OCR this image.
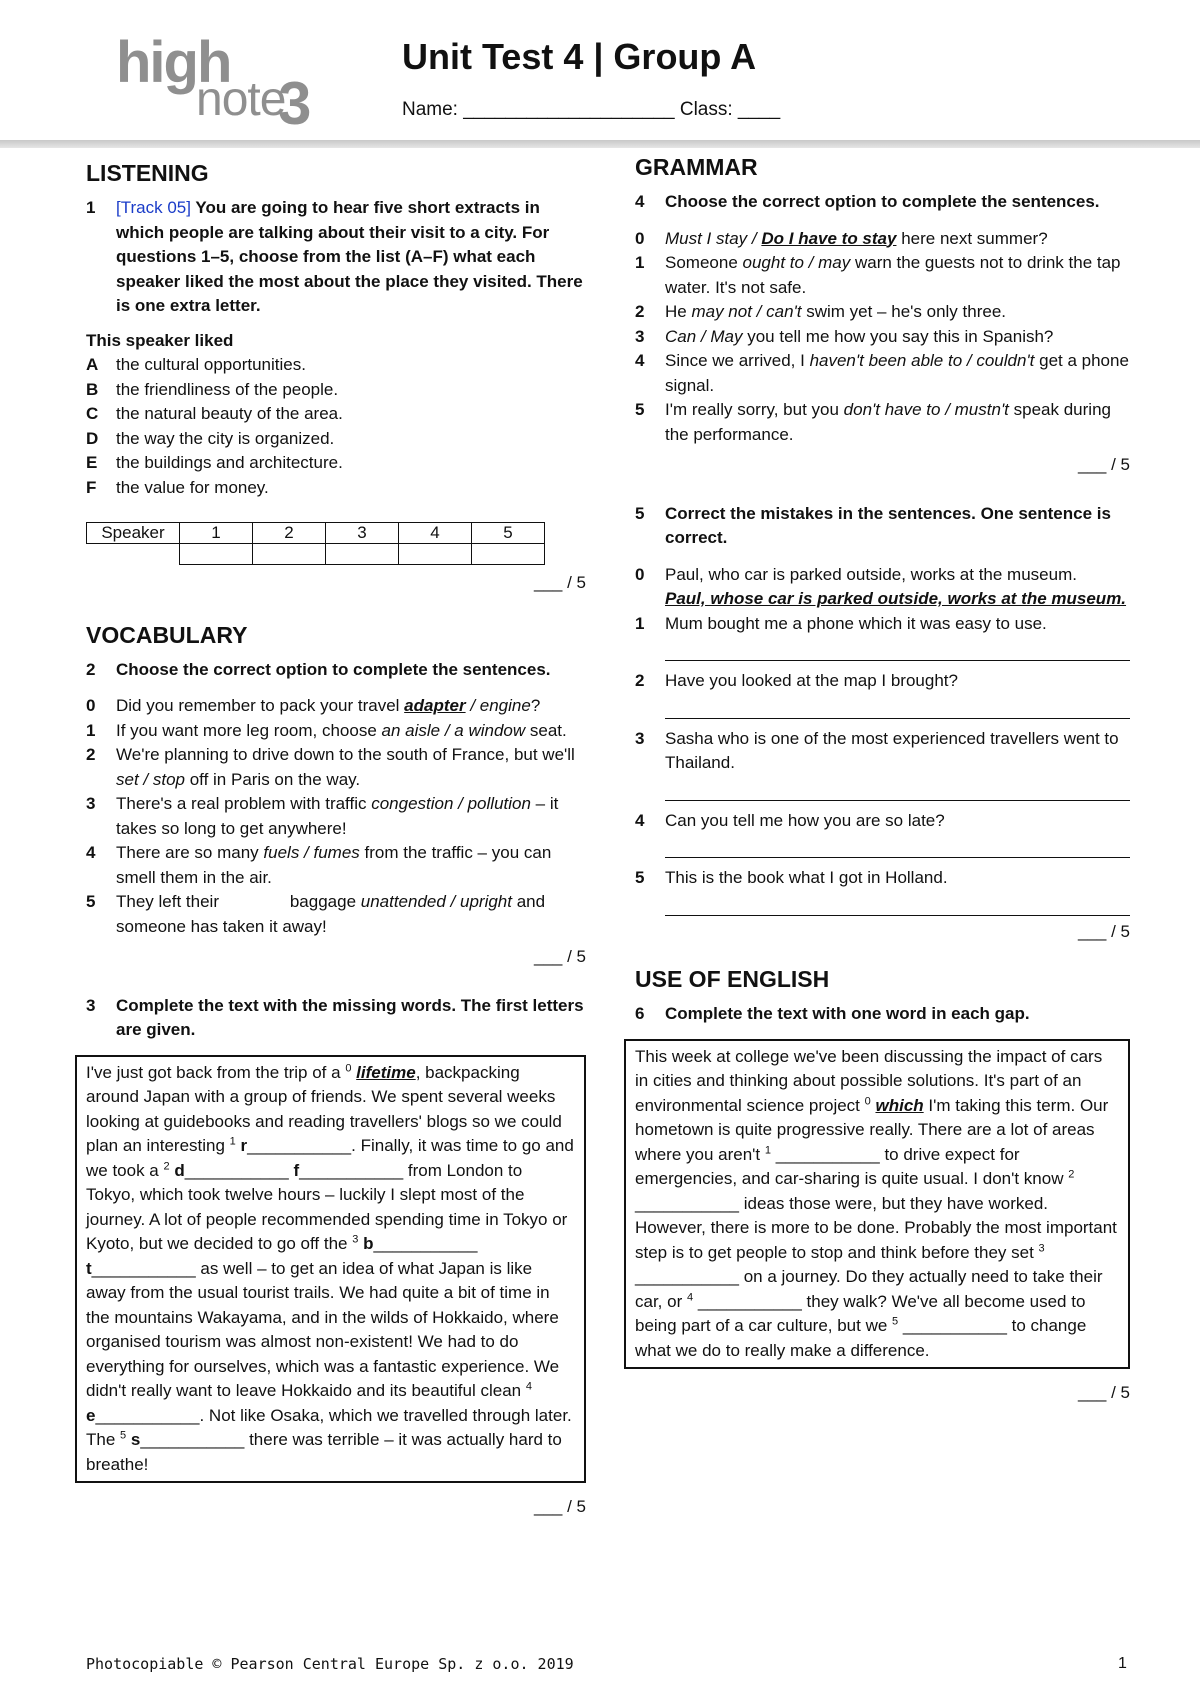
high
note
3
Unit Test 4 | Group A
Name: ____________________ Class: ____
LISTENING
1	[Track 05] You are going to hear five short extracts in which people are talking about their visit to a city. For questions 1–5, choose from the list (A–F) what each speaker liked the most about the place they visited. There is one extra letter.
This speaker liked
A	the cultural opportunities.
B	the friendliness of the people.
C	the natural beauty of the area.
D	the way the city is organized.
E	the buildings and architecture.
F	the value for money.
Speaker	1	2	3	4	5

___ / 5
VOCABULARY
2	Choose the correct option to complete the sentences.
0	Did you remember to pack your travel adapter / engine?
1	If you want more leg room, choose an aisle / a window seat.
2	We're planning to drive down to the south of France, but we'll set / stop off in Paris on the way.
3	There's a real problem with traffic congestion / pollution – it takes so long to get anywhere!
4	There are so many fuels / fumes from the traffic – you can smell them in the air.
5	They left their               baggage unattended / upright and someone has taken it away!
___ / 5
3	Complete the text with the missing words. The first letters are given.
I've just got back from the trip of a $^0$ lifetime, backpacking around Japan with a group of friends. We spent several weeks looking at guidebooks and reading travellers' blogs so we could plan an interesting $^1$ r___________. Finally, it was time to go and we took a $^2$ d___________ f___________ from London to Tokyo, which took twelve hours – luckily I slept most of the journey. A lot of people recommended spending time in Tokyo or Kyoto, but we decided to go off the $^3$ b___________ t___________ as well – to get an idea of what Japan is like away from the usual tourist trails. We had quite a bit of time in the mountains Wakayama, and in the wilds of Hokkaido, where organised tourism was almost non-existent! We had to do everything for ourselves, which was a fantastic experience. We didn't really want to leave Hokkaido and its beautiful clean $^4$ e___________. Not like Osaka, which we travelled through later. The $^5$ s___________ there was terrible – it was actually hard to breathe!
___ / 5
GRAMMAR
4	Choose the correct option to complete the sentences.
0	Must I stay / Do I have to stay here next summer?
1	Someone ought to / may warn the guests not to drink the tap water. It's not safe.
2	He may not / can't swim yet – he's only three.
3	Can / May you tell me how you say this in Spanish?
4	Since we arrived, I haven't been able to / couldn't get a phone signal.
5	I'm really sorry, but you don't have to / mustn't speak during the performance.
___ / 5
5	Correct the mistakes in the sentences. One sentence is correct.
0	Paul, who car is parked outside, works at the museum.
Paul, whose car is parked outside, works at the museum.
1	Mum bought me a phone which it was easy to use.
2	Have you looked at the map I brought?
3	Sasha who is one of the most experienced travellers went to Thailand.
4	Can you tell me how you are so late?
5	This is the book what I got in Holland.
___ / 5
USE OF ENGLISH
6	Complete the text with one word in each gap.
This week at college we've been discussing the impact of cars in cities and thinking about possible solutions. It's part of an environmental science project $^0$ which I'm taking this term. Our hometown is quite progressive really. There are a lot of areas where you aren't $^1$ ___________ to drive expect for emergencies, and car-sharing is quite usual. I don't know $^2$ ___________ ideas those were, but they have worked. However, there is more to be done. Probably the most important step is to get people to stop and think before they set $^3$ ___________ on a journey. Do they actually need to take their car, or $^4$ ___________ they walk? We've all become used to being part of a car culture, but we $^5$ ___________ to change what we do to really make a difference.
___ / 5
Photocopiable © Pearson Central Europe Sp. z o.o. 2019	1
